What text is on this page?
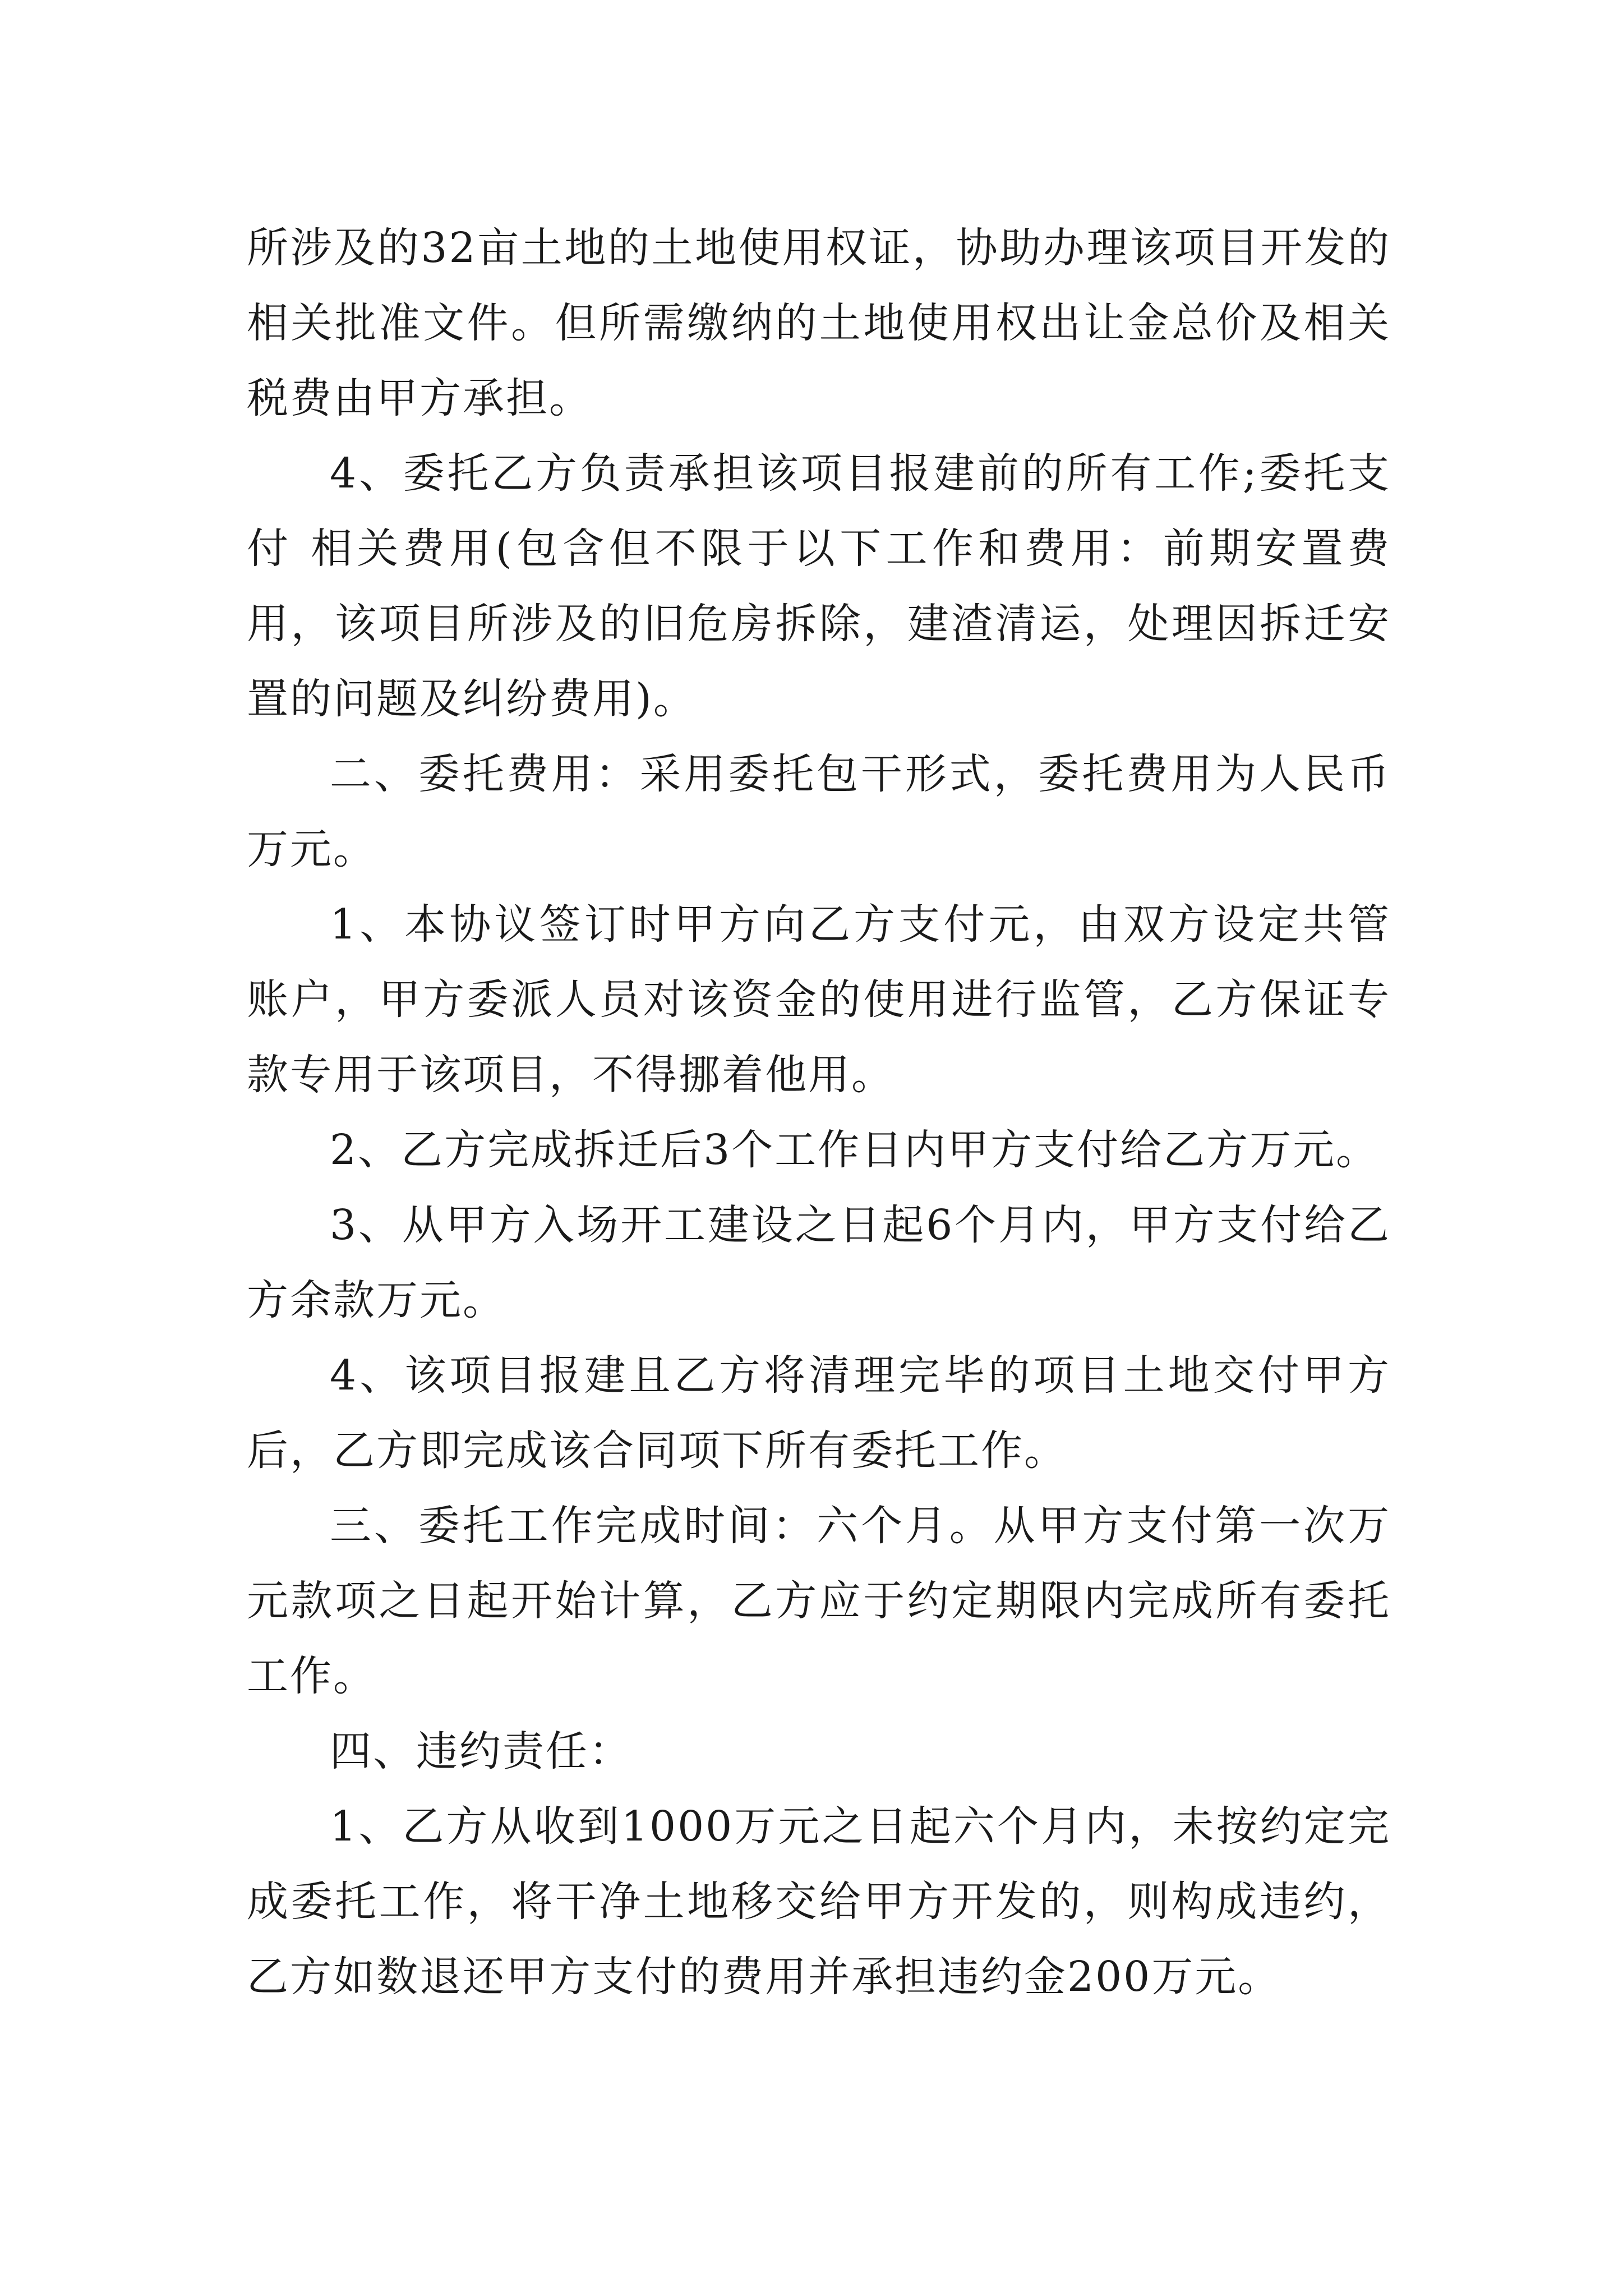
所涉及的32亩土地的土地使用权证，协助办理该项目开发的相关批准文件。但所需缴纳的土地使用权出让金总价及相关税费由甲方承担。

4、委托乙方负责承担该项目报建前的所有工作;委托支付 相关费用(包含但不限于以下工作和费用：前期安置费用，该项目所涉及的旧危房拆除，建渣清运，处理因拆迁安置的问题及纠纷费用)。

二、委托费用：采用委托包干形式，委托费用为人民币万元。

1、本协议签订时甲方向乙方支付元，由双方设定共管账户，甲方委派人员对该资金的使用进行监管，乙方保证专款专用于该项目，不得挪着他用。

2、乙方完成拆迁后3个工作日内甲方支付给乙方万元。

3、从甲方入场开工建设之日起6个月内，甲方支付给乙方余款万元。

4、该项目报建且乙方将清理完毕的项目土地交付甲方后，乙方即完成该合同项下所有委托工作。

三、委托工作完成时间：六个月。从甲方支付第一次万元款项之日起开始计算，乙方应于约定期限内完成所有委托工作。

四、违约责任：

1、乙方从收到1000万元之日起六个月内，未按约定完成委托工作，将干净土地移交给甲方开发的，则构成违约，乙方如数退还甲方支付的费用并承担违约金200万元。
